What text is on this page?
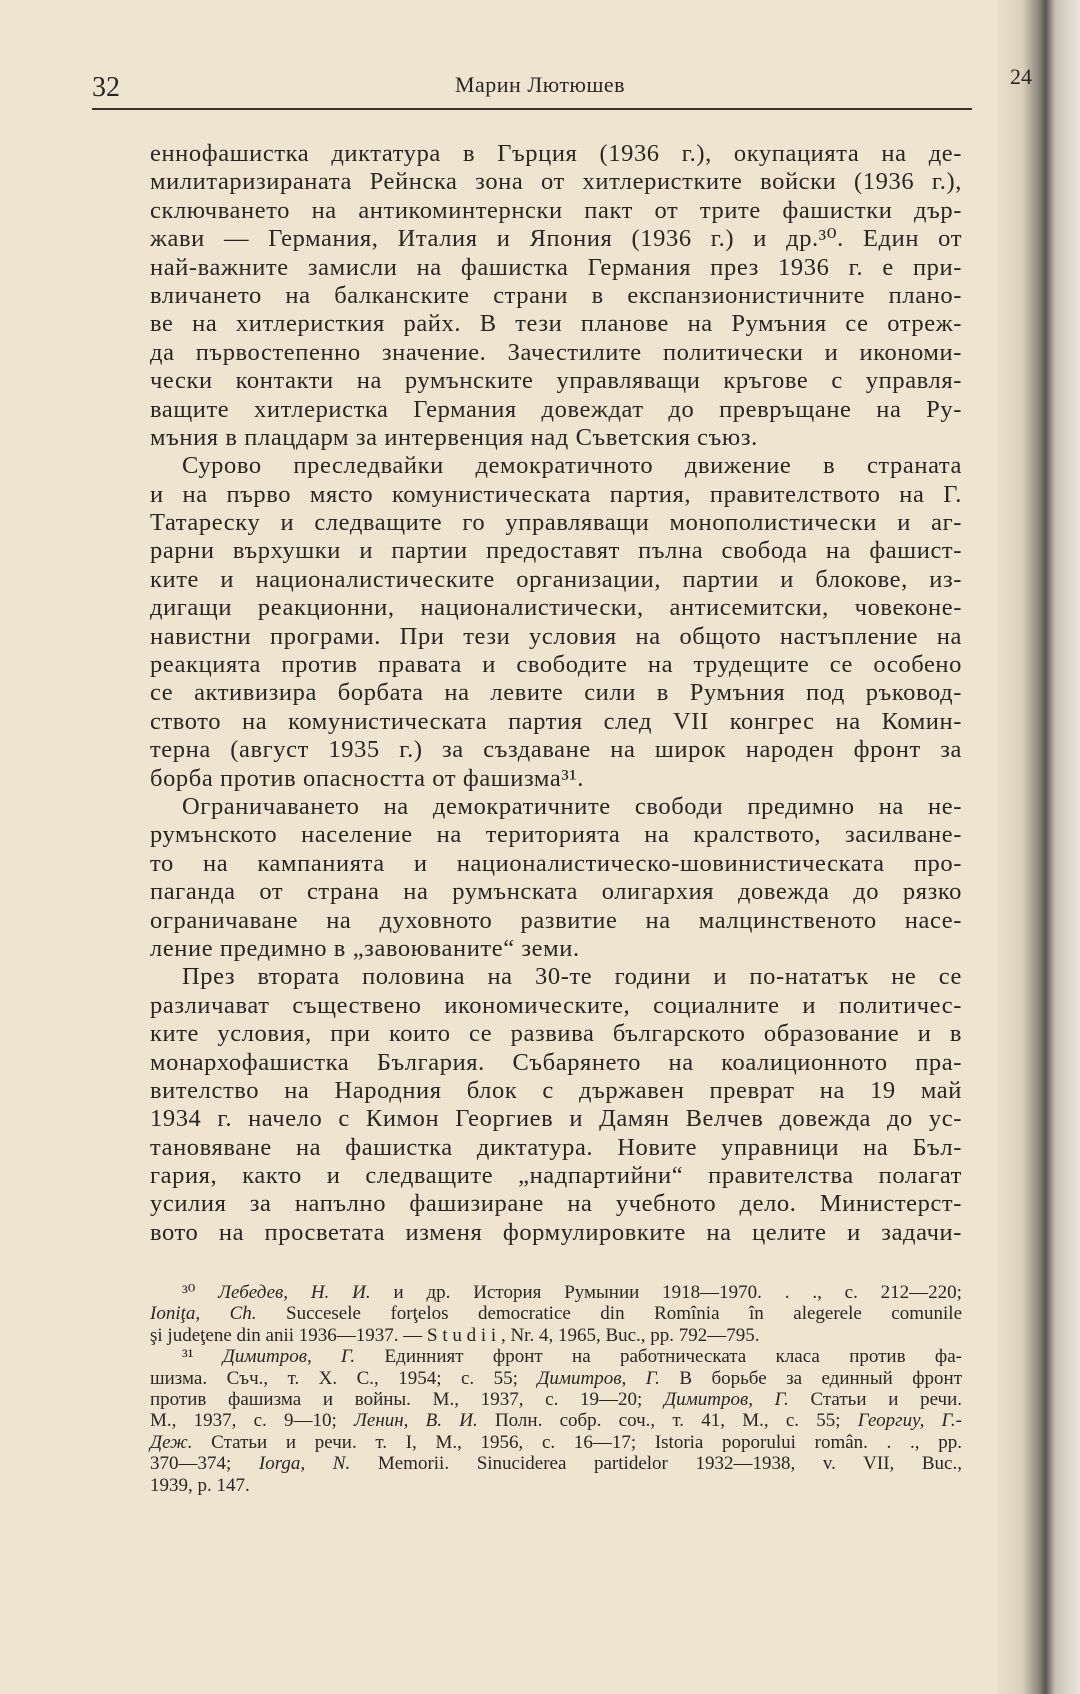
32	Марин Лютюшев	24
еннофашистка диктатура в Гърция (1936 г.), окупацията на де-
милитаризираната Рейнска зона от хитлеристките войски (1936 г.),
сключването на антикоминтернски пакт от трите фашистки дър-
жави — Германия, Италия и Япония (1936 г.) и др.³⁰. Един от
най-важните замисли на фашистка Германия през 1936 г. е при-
вличането на балканските страни в експанзионистичните плано-
ве на хитлеристкия райх. В тези планове на Румъния се отреж-
да първостепенно значение. Зачестилите политически и икономи-
чески контакти на румънските управляващи кръгове с управля-
ващите хитлеристка Германия довеждат до превръщане на Ру-
мъния в плацдарм за интервенция над Съветския съюз.
Сурово преследвайки демократичното движение в страната
и на първо място комунистическата партия, правителството на Г.
Татареску и следващите го управляващи монополистически и аг-
рарни върхушки и партии предоставят пълна свобода на фашист-
ките и националистическите организации, партии и блокове, из-
дигащи реакционни, националистически, антисемитски, човеконе-
навистни програми. При тези условия на общото настъпление на
реакцията против правата и свободите на трудещите се особено
се активизира борбата на левите сили в Румъния под ръковод-
ството на комунистическата партия след VII конгрес на Комин-
терна (август 1935 г.) за създаване на широк народен фронт за
борба против опасността от фашизма³¹.
Ограничаването на демократичните свободи предимно на не-
румънското население на територията на кралството, засилване-
то на кампанията и националистическо-шовинистическата про-
паганда от страна на румънската олигархия довежда до рязко
ограничаване на духовното развитие на малцинственото насе-
ление предимно в „завоюваните“ земи.
През втората половина на 30-те години и по-нататък не се
различават съществено икономическите, социалните и политичес-
ките условия, при които се развива българското образование и в
монархофашистка България. Събарянето на коалиционното пра-
вителство на Народния блок с държавен преврат на 19 май
1934 г. начело с Кимон Георгиев и Дамян Велчев довежда до ус-
тановяване на фашистка диктатура. Новите управници на Бъл-
гария, както и следващите „надпартийни“ правителства полагат
усилия за напълно фашизиране на учебното дело. Министерст-
вото на просветата изменя формулировките на целите и задачи-
³⁰ Лебедев, Н. И. и др. История Румынии 1918—1970. . ., с. 212—220;
Ioniţa, Ch. Succesele forţelos democratice din Romînia în alegerele comunile
şi judeţene din anii 1936—1937. — S t u d i i , Nr. 4, 1965, Buc., pp. 792—795.
³¹ Димитров, Г. Единният фронт на работническата класа против фа-
шизма. Съч., т. X. С., 1954; с. 55; Димитров, Г. В борьбе за единный фронт
против фашизма и войны. М., 1937, с. 19—20; Димитров, Г. Статьи и речи.
М., 1937, с. 9—10; Ленин, В. И. Полн. собр. соч., т. 41, М., с. 55; Георгиу, Г.-
Деж. Статьи и речи. т. I, М., 1956, с. 16—17; Istoria poporului român. . ., pp.
370—374; Iorga, N. Memorii. Sinuciderea partidelor 1932—1938, v. VII, Buc.,
1939, p. 147.
